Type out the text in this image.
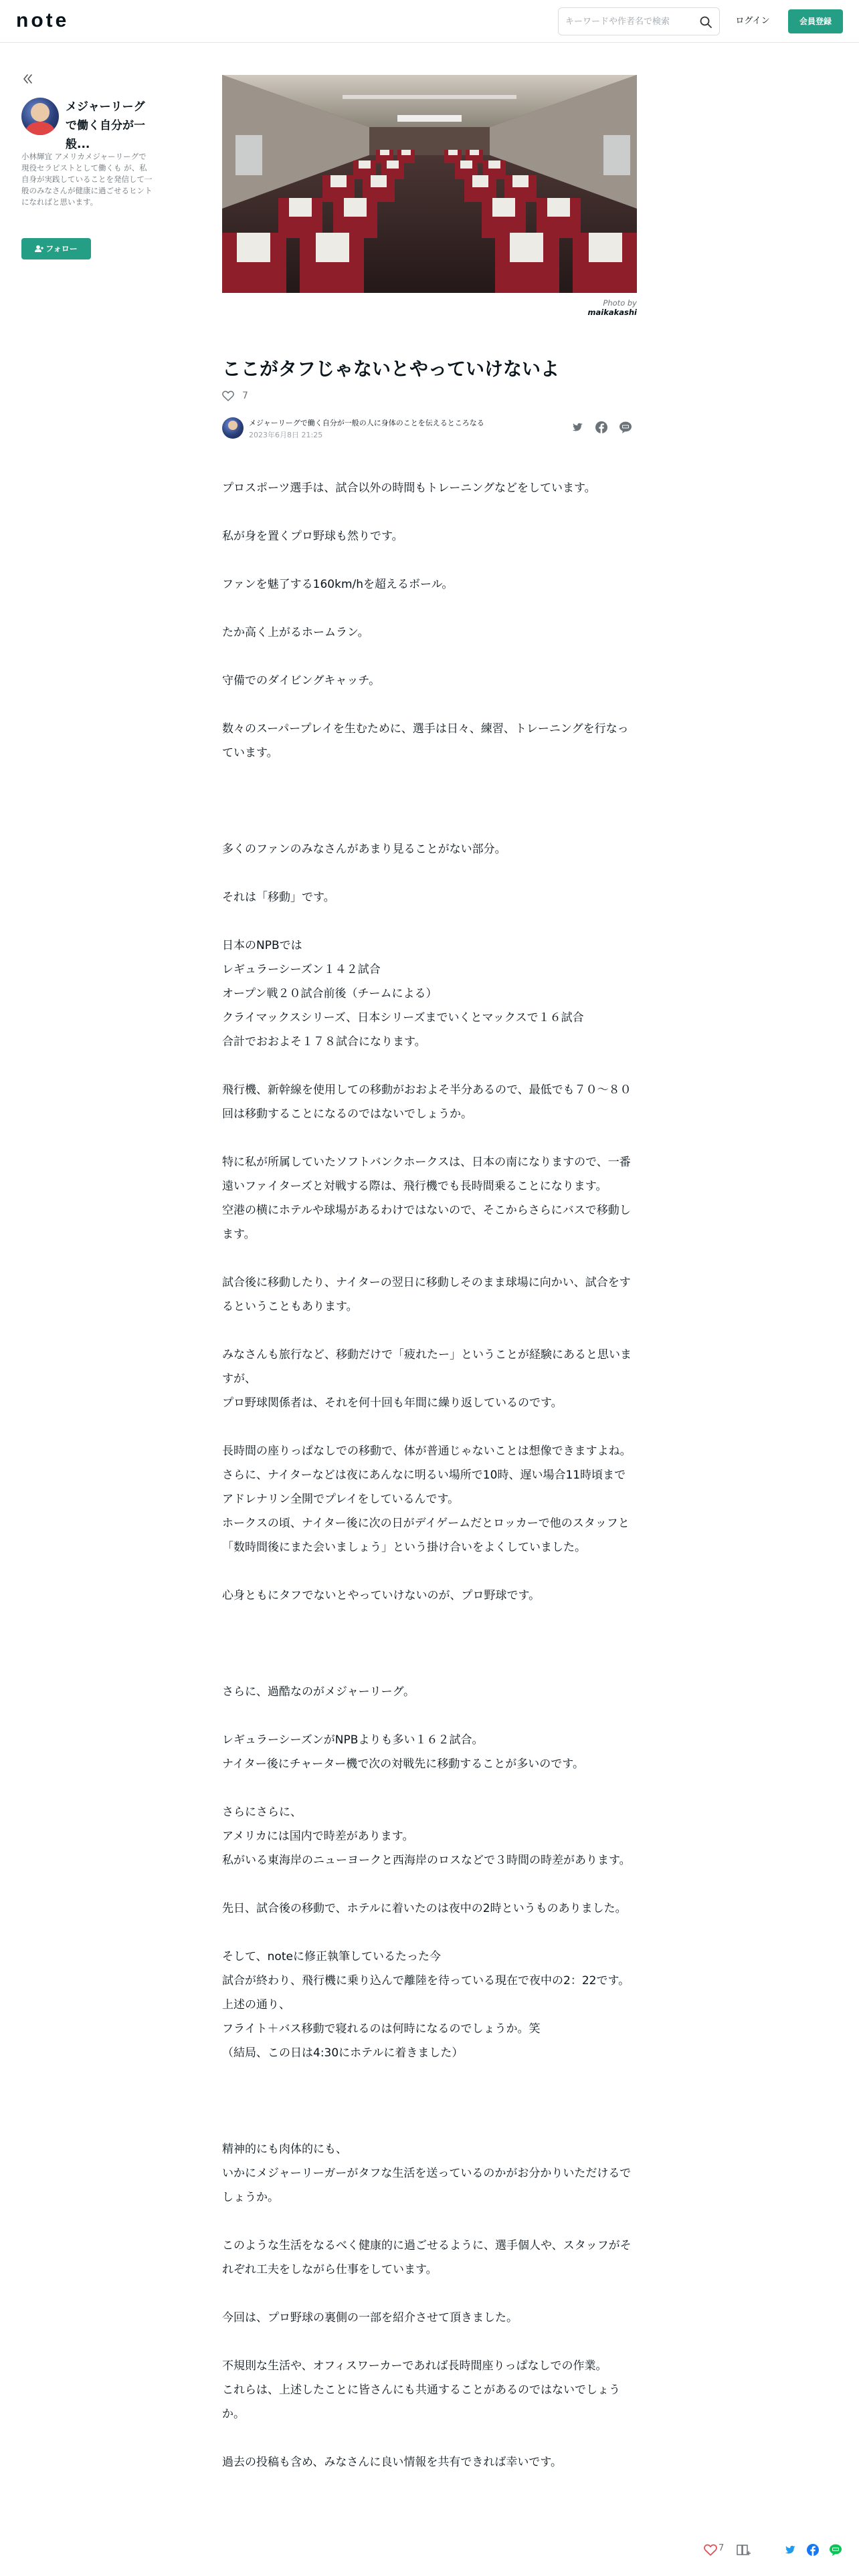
note
キーワードや作者名で検索	ログイン	会員登録
メジャーリーグで働く自分が一般...
小林輝宜 アメリカメジャーリーグで現役セラピストとして働くも が、私自身が実践していることを発信して一般のみなさんが健康に過ごせるヒントになればと思います。
フォロー
Photo by maikakashi
ここがタフじゃないとやっていけないよ
7
メジャーリーグで働く自分が一般の人に身体のことを伝えるところなる
2023年6月8日 21:25

プロスポーツ選手は、試合以外の時間もトレーニングなどをしています。

私が身を置くプロ野球も然りです。

ファンを魅了する160km/hを超えるボール。

たか高く上がるホームラン。

守備でのダイビングキャッチ。

数々のスーパープレイを生むために、選手は日々、練習、トレーニングを行なっています。

多くのファンのみなさんがあまり見ることがない部分。

それは「移動」です。

日本のNPBでは

レギュラーシーズン１４２試合

オープン戦２０試合前後（チームによる）

クライマックスシリーズ、日本シリーズまでいくとマックスで１６試合

合計でおおよそ１７８試合になります。

飛行機、新幹線を使用しての移動がおおよそ半分あるので、最低でも７０〜８０回は移動することになるのではないでしょうか。

特に私が所属していたソフトバンクホークスは、日本の南になりますので、一番遠いファイターズと対戦する際は、飛行機でも長時間乗ることになります。

空港の横にホテルや球場があるわけではないので、そこからさらにバスで移動します。

試合後に移動したり、ナイターの翌日に移動しそのまま球場に向かい、試合をするということもあります。

みなさんも旅行など、移動だけで「疲れたー」ということが経験にあると思いますが、

プロ野球関係者は、それを何十回も年間に繰り返しているのです。

長時間の座りっぱなしでの移動で、体が普通じゃないことは想像できますよね。

さらに、ナイターなどは夜にあんなに明るい場所で10時、遅い場合11時頃までアドレナリン全開でプレイをしているんです。

ホークスの頃、ナイター後に次の日がデイゲームだとロッカーで他のスタッフと「数時間後にまた会いましょう」という掛け合いをよくしていました。

心身ともにタフでないとやっていけないのが、プロ野球です。

さらに、過酷なのがメジャーリーグ。

レギュラーシーズンがNPBよりも多い１６２試合。

ナイター後にチャーター機で次の対戦先に移動することが多いのです。

さらにさらに、

アメリカには国内で時差があります。

私がいる東海岸のニューヨークと西海岸のロスなどで３時間の時差があります。

先日、試合後の移動で、ホテルに着いたのは夜中の2時というものありました。

そして、noteに修正執筆しているたった今

試合が終わり、飛行機に乗り込んで離陸を待っている現在で夜中の2：22です。

上述の通り、

フライト＋バス移動で寝れるのは何時になるのでしょうか。笑

（結局、この日は4:30にホテルに着きました）

精神的にも肉体的にも、

いかにメジャーリーガーがタフな生活を送っているのかがお分かりいただけるでしょうか。

このような生活をなるべく健康的に過ごせるように、選手個人や、スタッフがそれぞれ工夫をしながら仕事をしています。

今回は、プロ野球の裏側の一部を紹介させて頂きました。

不規則な生活や、オフィスワーカーであれば長時間座りっぱなしでの作業。

これらは、上述したことに皆さんにも共通することがあるのではないでしょうか。

過去の投稿も含め、みなさんに良い情報を共有できれば幸いです。

7
